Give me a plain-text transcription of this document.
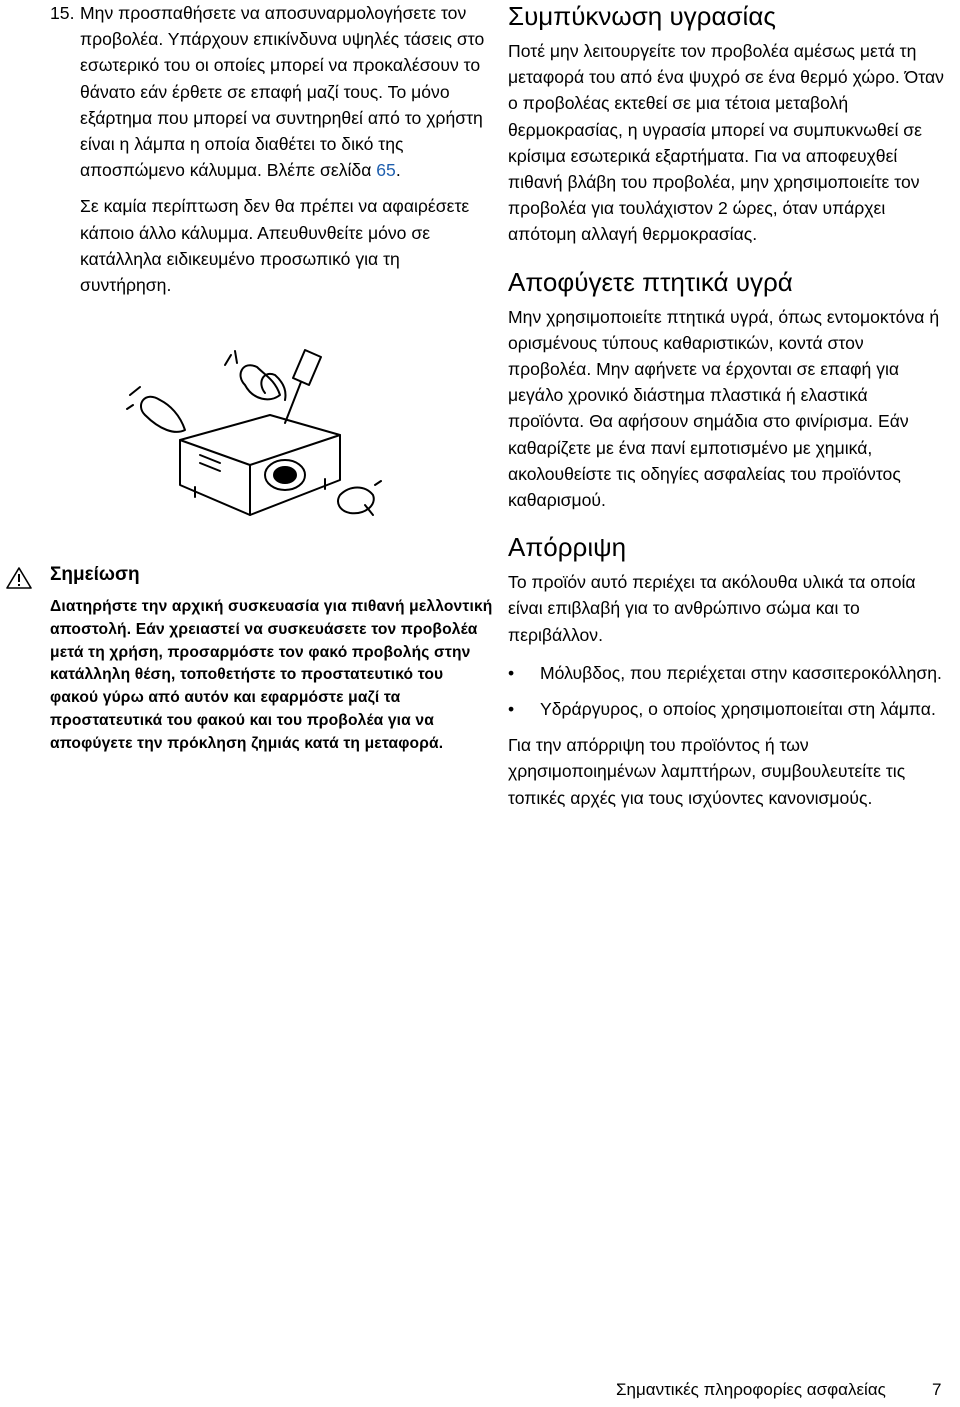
15. Μην προσπαθήσετε να αποσυναρμολογήσετε τον προβολέα. Υπάρχουν επικίνδυνα υψηλές τάσεις στο εσωτερικό του οι οποίες μπορεί να προκαλέσουν το θάνατο εάν έρθετε σε επαφή μαζί τους. Το μόνο εξάρτημα που μπορεί να συντηρηθεί από το χρήστη είναι η λάμπα η οποία διαθέτει το δικό της αποσπώμενο κάλυμμα. Βλέπε σελίδα 65.

Σε καμία περίπτωση δεν θα πρέπει να αφαιρέσετε κάποιο άλλο κάλυμμα. Απευθυνθείτε μόνο σε κατάλληλα ειδικευμένο προσωπικό για τη συντήρηση.

Σημείωση

Διατηρήστε την αρχική συσκευασία για πιθανή μελλοντική αποστολή. Εάν χρειαστεί να συσκευάσετε τον προβολέα μετά τη χρήση, προσαρμόστε τον φακό προβολής στην κατάλληλη θέση, τοποθετήστε το προστατευτικό του φακού γύρω από αυτόν και εφαρμόστε μαζί τα προστατευτικά του φακού και του προβολέα για να αποφύγετε την πρόκληση ζημιάς κατά τη μεταφορά.

Συμπύκνωση υγρασίας

Ποτέ μην λειτουργείτε τον προβολέα αμέσως μετά τη μεταφορά του από ένα ψυχρό σε ένα θερμό χώρο. Όταν ο προβολέας εκτεθεί σε μια τέτοια μεταβολή θερμοκρασίας, η υγρασία μπορεί να συμπυκνωθεί σε κρίσιμα εσωτερικά εξαρτήματα. Για να αποφευχθεί πιθανή βλάβη του προβολέα, μην χρησιμοποιείτε τον προβολέα για τουλάχιστον 2 ώρες, όταν υπάρχει απότομη αλλαγή θερμοκρασίας.

Αποφύγετε πτητικά υγρά

Μην χρησιμοποιείτε πτητικά υγρά, όπως εντομοκτόνα ή ορισμένους τύπους καθαριστικών, κοντά στον προβολέα. Μην αφήνετε να έρχονται σε επαφή για μεγάλο χρονικό διάστημα πλαστικά ή ελαστικά προϊόντα. Θα αφήσουν σημάδια στο φινίρισμα. Εάν καθαρίζετε με ένα πανί εμποτισμένο με χημικά, ακολουθείστε τις οδηγίες ασφαλείας του προϊόντος καθαρισμού.

Απόρριψη

Το προϊόν αυτό περιέχει τα ακόλουθα υλικά τα οποία είναι επιβλαβή για το ανθρώπινο σώμα και το περιβάλλον.

• Μόλυβδος, που περιέχεται στην κασσιτεροκόλληση.
• Υδράργυρος, ο οποίος χρησιμοποιείται στη λάμπα.

Για την απόρριψη του προϊόντος ή των χρησιμοποιημένων λαμπτήρων, συμβουλευτείτε τις τοπικές αρχές για τους ισχύοντες κανονισμούς.

Σημαντικές πληροφορίες ασφαλείας	7
